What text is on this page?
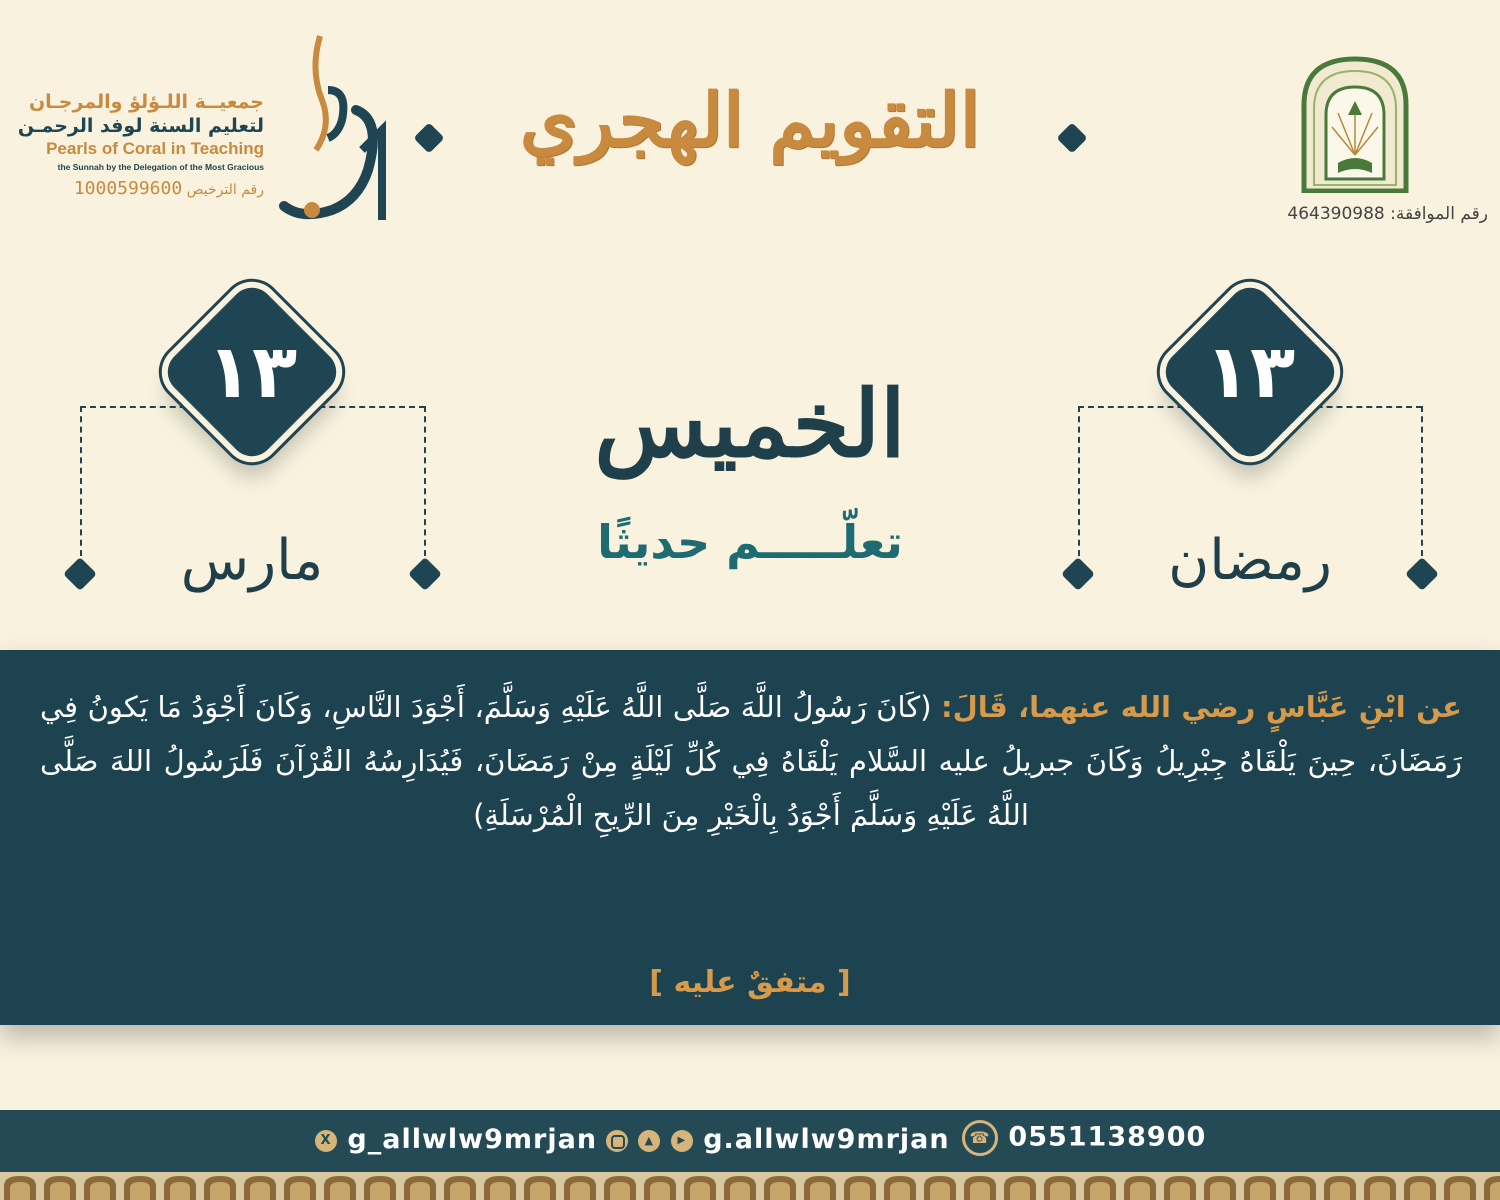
رقم الموافقة: 464390988
التقويم الهجري
جمعيــة اللـؤلؤ والمرجـان
لتعليم السنة لوفد الرحمـن
Pearls of Coral in Teaching
the Sunnah by the Delegation of the Most Gracious
رقم الترخيص 1000599600
١٣
رمضان
١٣
مارس
الخميس
تعلّـــــم حديثًا
عن ابْنِ عَبَّاسٍ رضي الله عنهما، قَالَ: (كَانَ رَسُولُ اللَّهَ صَلَّى اللَّهُ عَلَيْهِ وَسَلَّمَ، أَجْوَدَ النَّاسِ، وَكَانَ أَجْوَدُ مَا يَكونُ فِي رَمَضَانَ، حِينَ يَلْقَاهُ جِبْرِيلُ وَكَانَ جبريلُ عليه السَّلام يَلْقَاهُ فِي كُلِّ لَيْلَةٍ مِنْ رَمَضَانَ، فَيُدَارِسُهُ القُرْآنَ فَلَرَسُولُ اللهَ صَلَّى اللَّهُ عَلَيْهِ وَسَلَّمَ أَجْوَدُ بِالْخَيْرِ مِنَ الرِّيحِ الْمُرْسَلَةِ)
[ متفقٌ عليه ]
X g_allwlw9mrjan ▲ ▶	g.allwlw9mrjan ☎	0551138900
